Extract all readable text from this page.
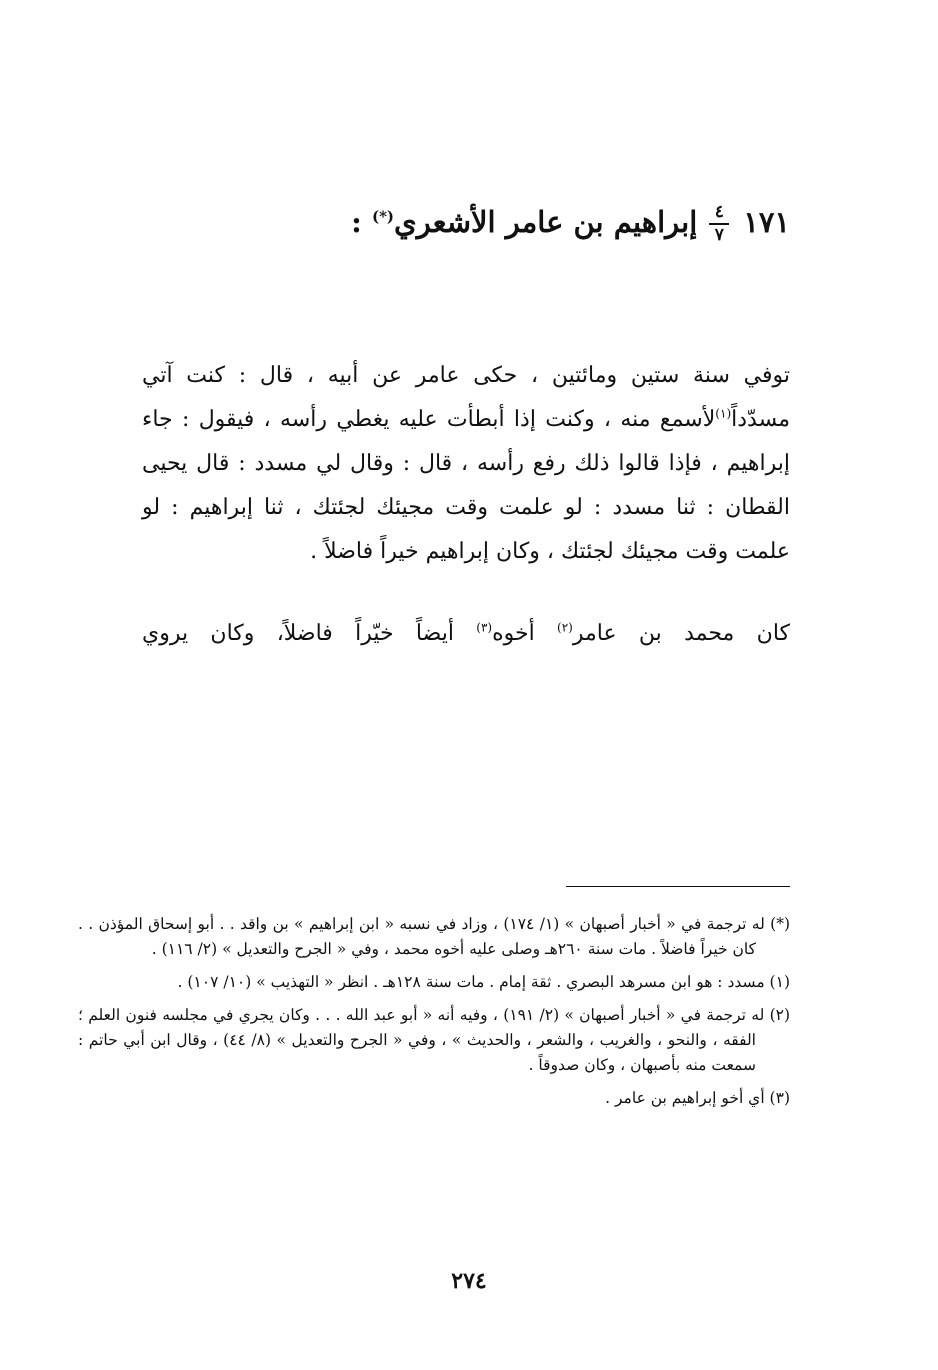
١٧١
$\frac{٤}{٧}$
إبراهيم بن عامر الأشعري(*) :

توفي سنة ستين ومائتين ، حكى عامر عن أبيه ، قال : كنت آتي مسدّداً$^{(١)}$لأسمع منه ، وكنت إذا أبطأت عليه يغطي رأسه ، فيقول : جاء إبراهيم ، فإذا قالوا ذلك رفع رأسه ، قال : وقال لي مسدد : قال يحيى القطان : ثنا مسدد : لو علمت وقت مجيئك لجئتك ، ثنا إبراهيم : لو علمت وقت مجيئك لجئتك ، وكان إبراهيم خيراً فاضلاً .

كان محمد بن عامر$^{(٢)}$ أخوه$^{(٣)}$ أيضاً خيّراً فاضلاً، وكان يروي

(*) له ترجمة في « أخبار أصبهان » (١/ ١٧٤) ، وزاد في نسبه « ابن إبراهيم » بن واقد . . أبو إسحاق المؤذن . . كان خيراً فاضلاً . مات سنة ٢٦٠هـ وصلى عليه أخوه محمد ، وفي « الجرح والتعديل » (٢/ ١١٦) .

(١) مسدد : هو ابن مسرهد البصري . ثقة إمام . مات سنة ١٢٨هـ . انظر « التهذيب » (١٠/ ١٠٧) .

(٢) له ترجمة في « أخبار أصبهان » (٢/ ١٩١) ، وفيه أنه « أبو عبد الله . . . وكان يجري في مجلسه فنون العلم ؛ الفقه ، والنحو ، والغريب ، والشعر ، والحديث » ، وفي « الجرح والتعديل » (٨/ ٤٤) ، وقال ابن أبي حاتم : سمعت منه بأصبهان ، وكان صدوقاً .

(٣) أي أخو إبراهيم بن عامر .

٢٧٤
